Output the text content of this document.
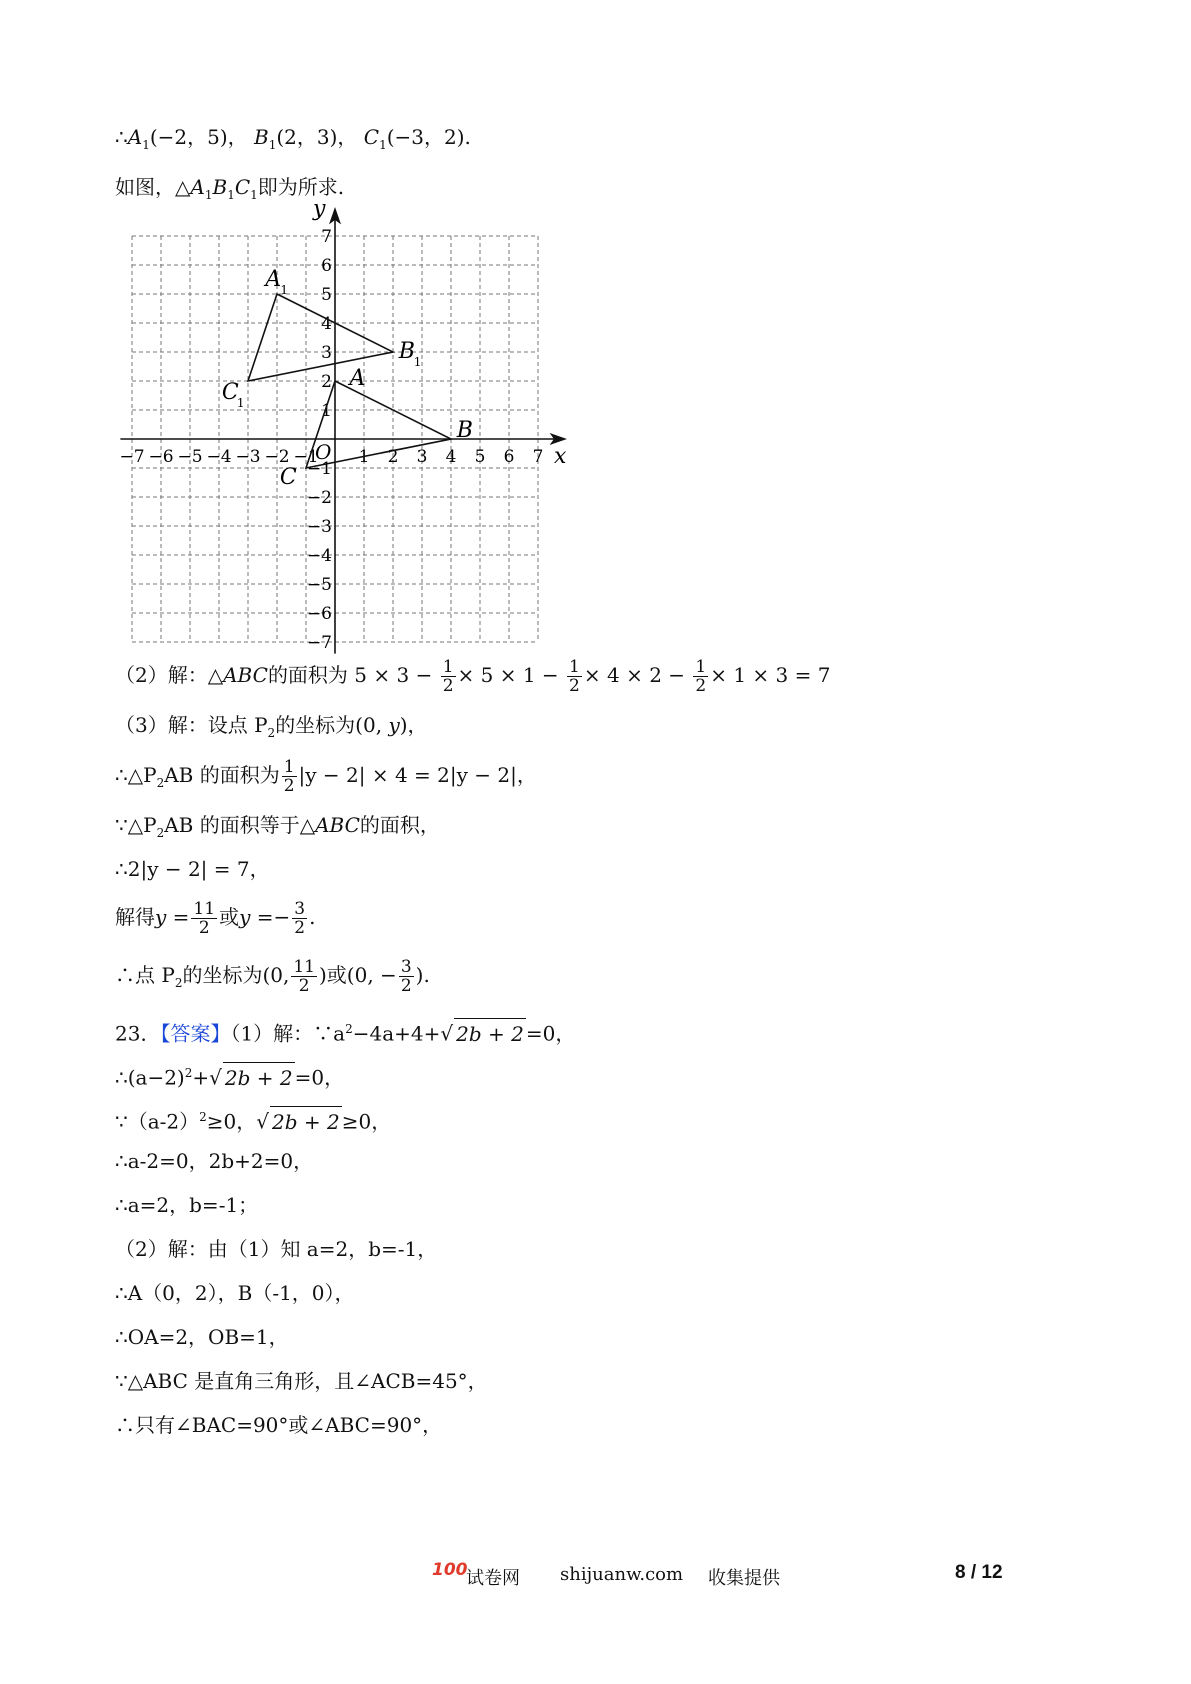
$\therefore A_1(-2$，5)， $B_1(2$，3)， $C_1(-3$，2).
如图，$\triangle A_1B_1C_1$即为所求.
x
y
O
−7 −6 −5 −4 −3 −2 −1 1 2 3 4 5 6 7
7
6
5
4
3
2
1
−1
−2
−3
−4
−5
−6
−7
A
B
C
A 1
B
1
C
1
（2）解：△ABC的面积为 $5 \times 3 - \frac{1}{2} \times 5 \times 1 - \frac{1}{2} \times 4 \times 2 - \frac{1}{2} \times 1 \times 3 = 7$
（3）解：设点 $P_2$的坐标为(0, y)，
$\therefore\triangle P_2AB$ 的面积为 $\frac{1}{2} |y - 2| \times 4 = 2|y - 2|$，
$\because\triangle P_2AB$ 的面积等于△ABC的面积，
∴2|y − 2| = 7，
解得$y = \frac{11}{2}$ 或$y =- \frac{3}{2}$ .
∴点 $P_2$的坐标为(0, $\frac{11}{2}$ )或(0, − $\frac{3}{2}$ ).
23．【答案】（1）解：$\because a^2-4a+4+√$ 2b + 2 =0，
$\therefore(a-2)^2+√$ 2b + 2 =0，
$\because(a-2)^2\ge 0$，√ 2b + 2 ≥0，
∴a-2=0，2b+2=0，
∴a=2，b=-1；
（2）解：由（1）知 a=2，b=-1，
∴A（0，2），B（-1，0），
∴OA=2，OB=1，
∵△ABC 是直角三角形，且∠ACB=45°，
∴只有∠BAC=90°或∠ABC=90°，
100
试卷网 shijuanw.com 收集提供	8 / 12
